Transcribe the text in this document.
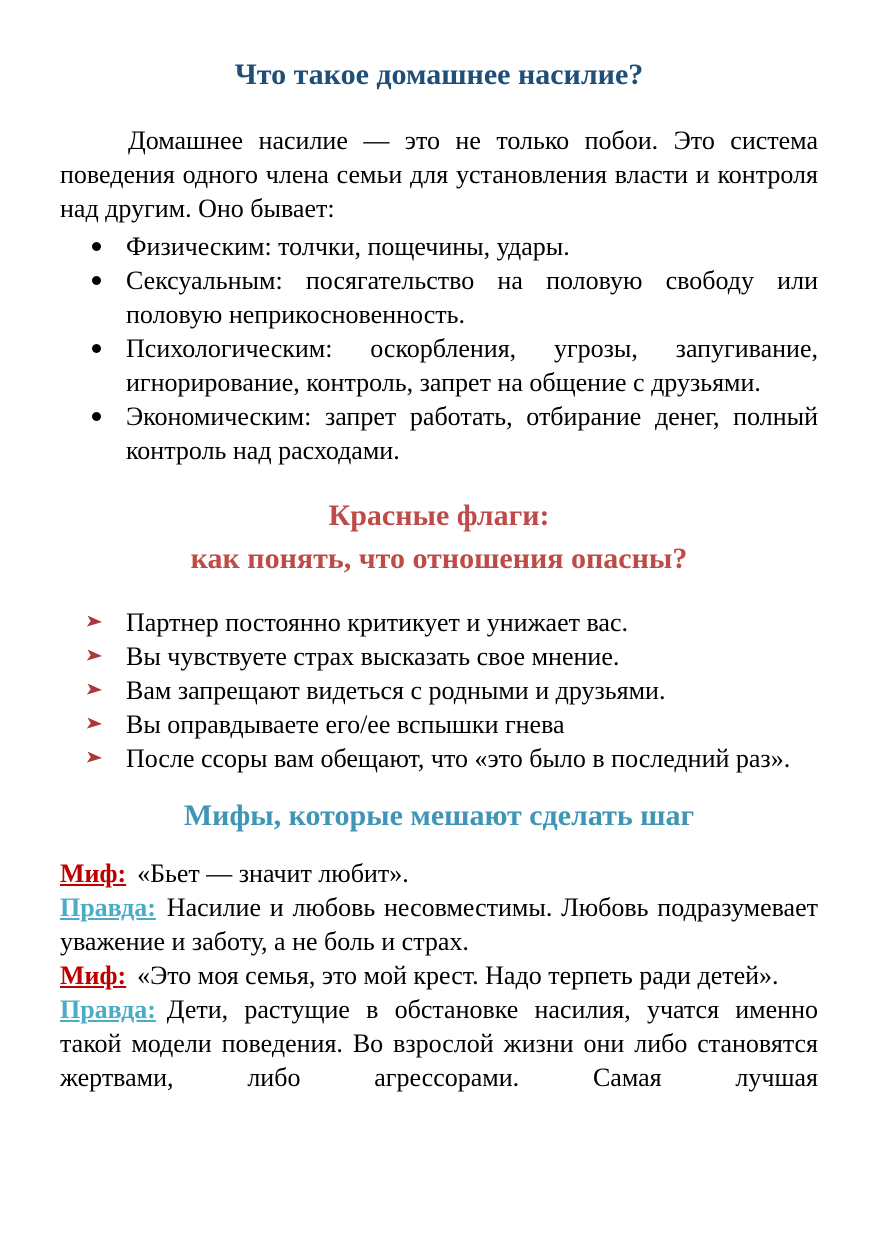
Что такое домашнее насилие?

Домашнее насилие — это не только побои. Это система поведения одного члена семьи для установления власти и контроля над другим. Оно бывает:

Физическим: толчки, пощечины, удары.
Сексуальным: посягательство на половую свободу или половую неприкосновенность.
Психологическим: оскорбления, угрозы, запугивание, игнорирование, контроль, запрет на общение с друзьями.
Экономическим: запрет работать, отбирание денег, полный контроль над расходами.
Красные флаги:
как понять, что отношения опасны?
Партнер постоянно критикует и унижает вас.
Вы чувствуете страх высказать свое мнение.
Вам запрещают видеться с родными и друзьями.
Вы оправдываете его/ее вспышки гнева
После ссоры вам обещают, что «это было в последний раз».
Мифы, которые мешают сделать шаг

Миф: «Бьет — значит любит».

Правда: Насилие и любовь несовместимы. Любовь подразумевает уважение и заботу, а не боль и страх.

Миф: «Это моя семья, это мой крест. Надо терпеть ради детей».

Правда: Дети, растущие в обстановке насилия, учатся именно такой модели поведения. Во взрослой жизни они либо становятся жертвами, либо агрессорами. Самая лучшая
